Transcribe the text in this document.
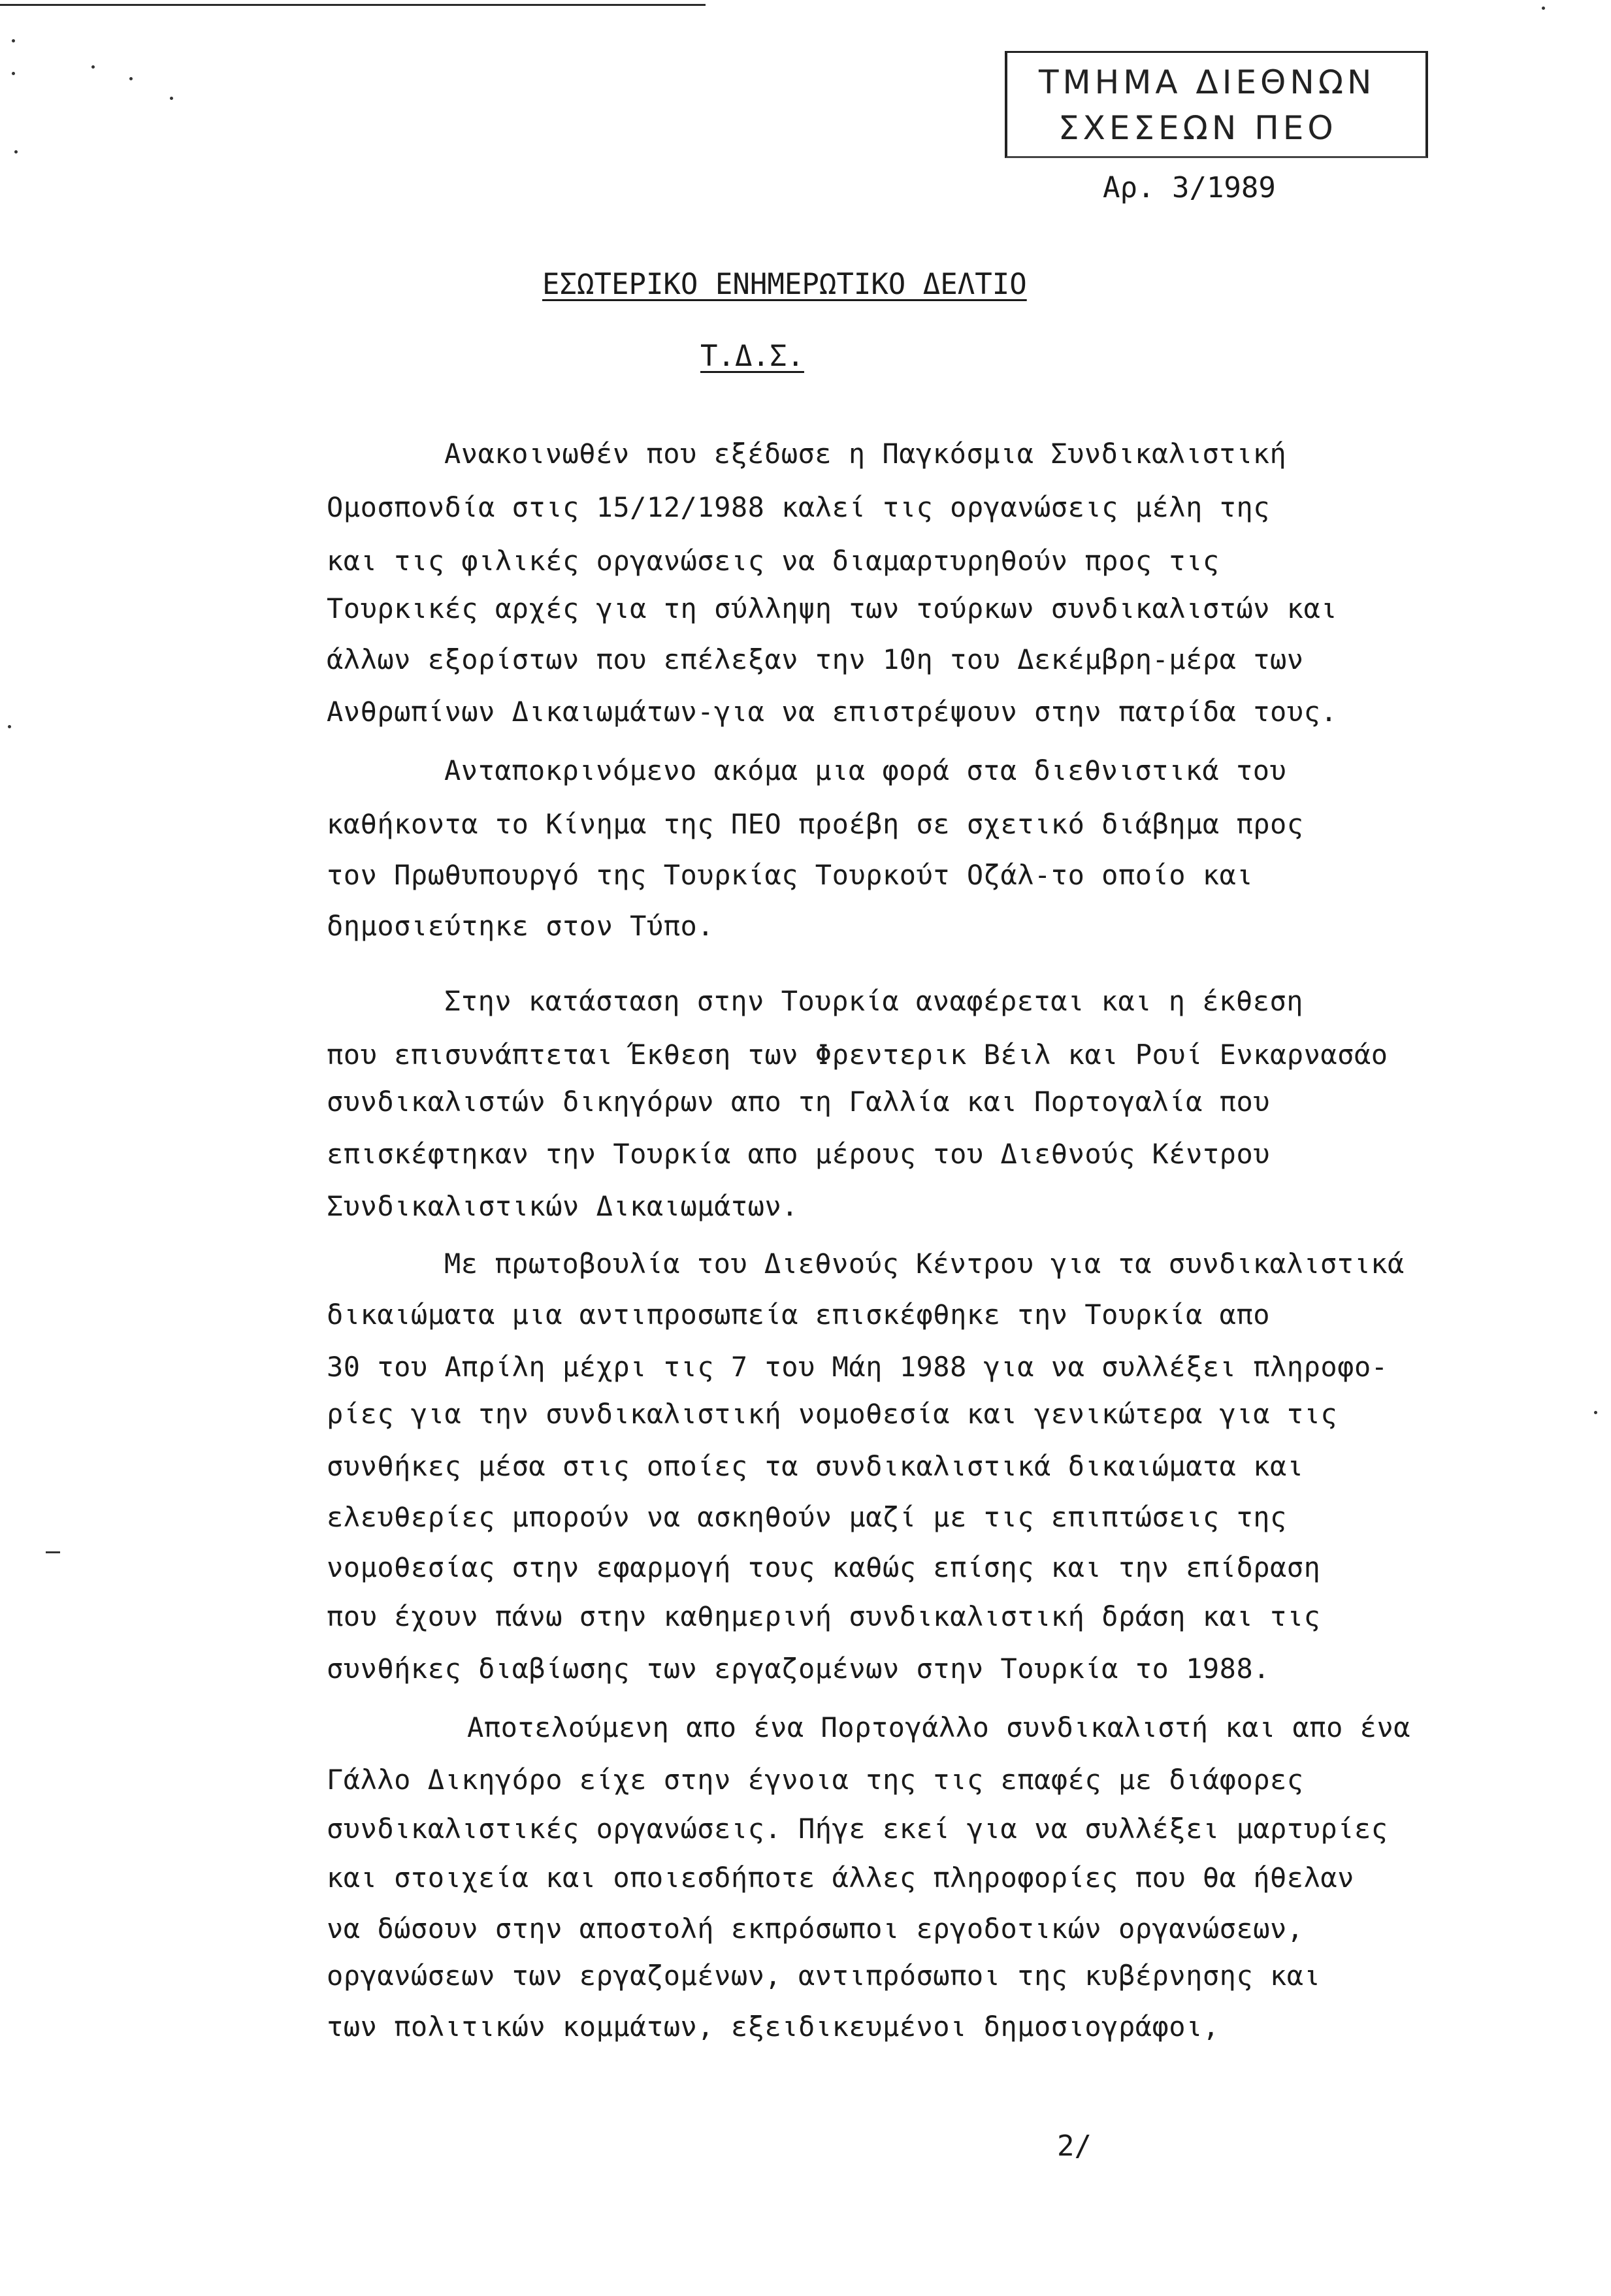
ΤΜΗΜΑ ΔΙΕΘΝΩΝ
ΣΧΕΣΕΩΝ ΠΕΟ
Αρ. 3/1989
ΕΣΩΤΕΡΙΚΟ ΕΝΗΜΕΡΩΤΙΚΟ ΔΕΛΤΙΟ
Τ.Δ.Σ.
Ανακοινωθέν που εξέδωσε η Παγκόσμια Συνδικαλιστική
Ομοσπονδία στις 15/12/1988 καλεί τις οργανώσεις μέλη της
και τις φιλικές οργανώσεις να διαμαρτυρηθούν προς τις
Τουρκικές αρχές για τη σύλληψη των τούρκων συνδικαλιστών και
άλλων εξορίστων που επέλεξαν την 10η του Δεκέμβρη-μέρα των
Ανθρωπίνων Δικαιωμάτων-για να επιστρέψουν στην πατρίδα τους.
Ανταποκρινόμενο ακόμα μια φορά στα διεθνιστικά του
καθήκοντα το Κίνημα της ΠΕΟ προέβη σε σχετικό διάβημα προς
τον Πρωθυπουργό της Τουρκίας Τουρκούτ Οζάλ-το οποίο και
δημοσιεύτηκε στον Τύπο.
Στην κατάσταση στην Τουρκία αναφέρεται και η έκθεση
που επισυνάπτεται Έκθεση των Φρεντερικ Βέιλ και Ρουί Ενκαρνασάο
συνδικαλιστών δικηγόρων απο τη Γαλλία και Πορτογαλία που
επισκέφτηκαν την Τουρκία απο μέρους του Διεθνούς Κέντρου
Συνδικαλιστικών Δικαιωμάτων.
Με πρωτοβουλία του Διεθνούς Κέντρου για τα συνδικαλιστικά
δικαιώματα μια αντιπροσωπεία επισκέφθηκε την Τουρκία απο
30 του Απρίλη μέχρι τις 7 του Μάη 1988 για να συλλέξει πληροφο-
ρίες για την συνδικαλιστική νομοθεσία και γενικώτερα για τις
συνθήκες μέσα στις οποίες τα συνδικαλιστικά δικαιώματα και
ελευθερίες μπορούν να ασκηθούν μαζί με τις επιπτώσεις της
νομοθεσίας στην εφαρμογή τους καθώς επίσης και την επίδραση
που έχουν πάνω στην καθημερινή συνδικαλιστική δράση και τις
συνθήκες διαβίωσης των εργαζομένων στην Τουρκία το 1988.
Αποτελούμενη απο ένα Πορτογάλλο συνδικαλιστή και απο ένα
Γάλλο Δικηγόρο είχε στην έγνοια της τις επαφές με διάφορες
συνδικαλιστικές οργανώσεις. Πήγε εκεί για να συλλέξει μαρτυρίες
και στοιχεία και οποιεσδήποτε άλλες πληροφορίες που θα ήθελαν
να δώσουν στην αποστολή εκπρόσωποι εργοδοτικών οργανώσεων,
οργανώσεων των εργαζομένων, αντιπρόσωποι της κυβέρνησης και
των πολιτικών κομμάτων, εξειδικευμένοι δημοσιογράφοι,
2/
